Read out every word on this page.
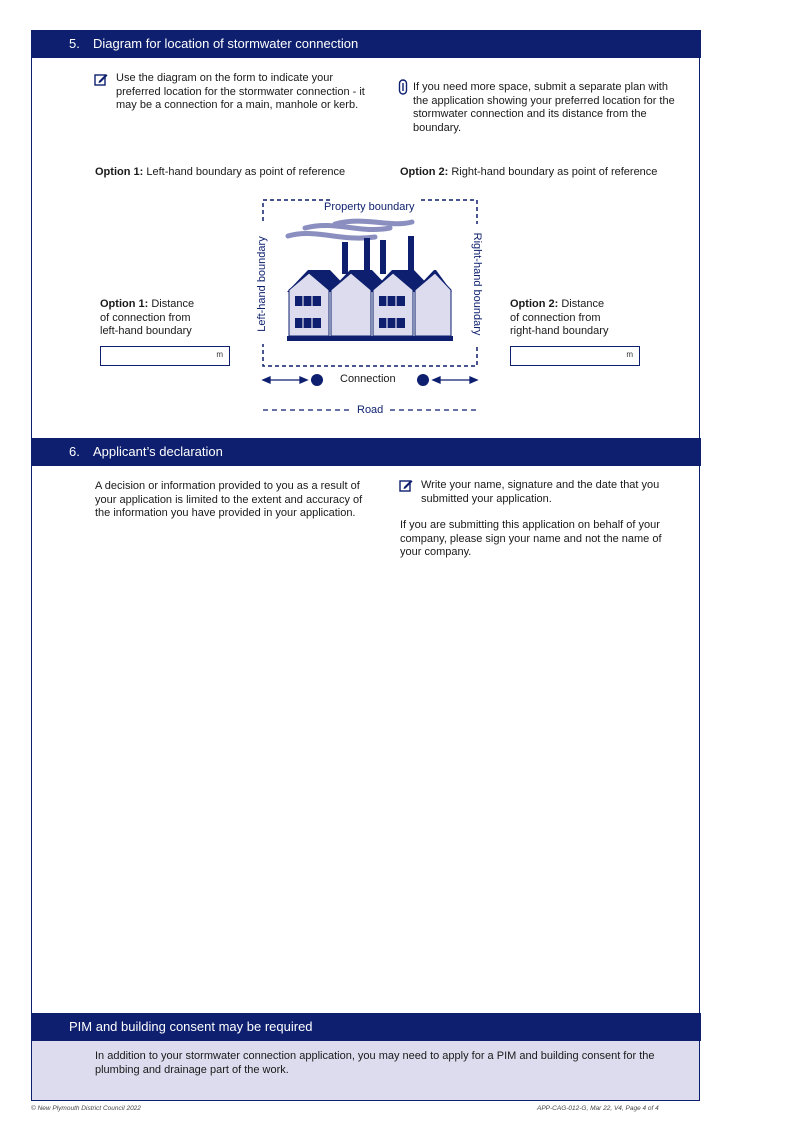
5. Diagram for location of stormwater connection
Use the diagram on the form to indicate your preferred location for the stormwater connection - it may be a connection for a main, manhole or kerb.
If you need more space, submit a separate plan with the application showing your preferred location for the stormwater connection and its distance from the boundary.
Option 1: Left-hand boundary as point of reference	Option 2: Right-hand boundary as point of reference
Property boundary
Left-hand boundary	Right-hand boundary
Connection
Road
Option 1: Distance
of connection from
left-hand boundary
m
Option 2: Distance
of connection from
right-hand boundary
m
6. Applicant’s declaration
A decision or information provided to you as a result of your application is limited to the extent and accuracy of the information you have provided in your application.
Write your name, signature and the date that you submitted your application.
If you are submitting this application on behalf of your company, please sign your name and not the name of your company.
PIM and building consent may be required
In addition to your stormwater connection application, you may need to apply for a PIM and building consent for the plumbing and drainage part of the work.
© New Plymouth District Council 2022	APP-CAG-012-G, Mar 22, V4, Page 4 of 4
